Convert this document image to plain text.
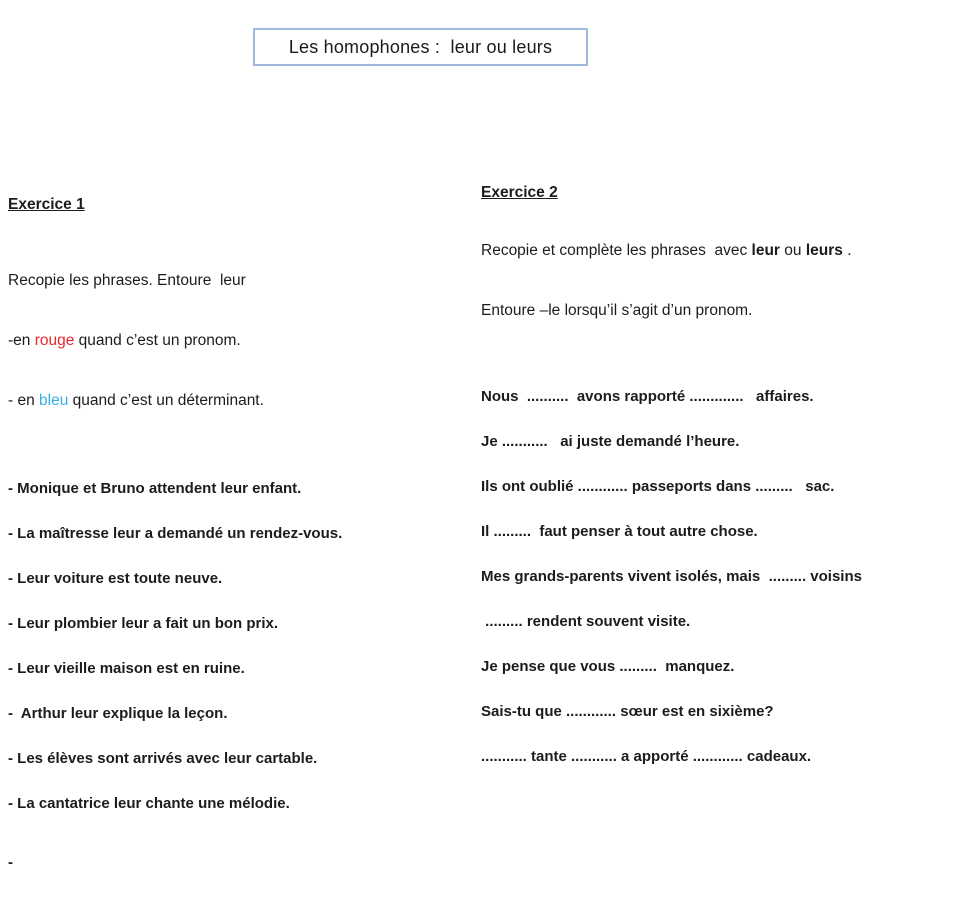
Les homophones :  leur ou leurs

Exercice 1

Recopie les phrases. Entoure  leur

-en rouge quand c’est un pronom.

- en bleu quand c’est un déterminant.

- Monique et Bruno attendent leur enfant.
- La maîtresse leur a demandé un rendez-vous.
- Leur voiture est toute neuve.
- Leur plombier leur a fait un bon prix.
- Leur vieille maison est en ruine.
-  Arthur leur explique la leçon.
- Les élèves sont arrivés avec leur cartable.
- La cantatrice leur chante une mélodie.

-

Exercice 2

Recopie et complète les phrases  avec leur ou leurs .

Entoure –le lorsqu’il s’agit d’un pronom.

Nous  ..........  avons rapporté .............   affaires.
Je ...........   ai juste demandé l’heure.
Ils ont oublié ............ passeports dans .........   sac.
Il .........  faut penser à tout autre chose.
Mes grands-parents vivent isolés, mais  ......... voisins
......... rendent souvent visite.
Je pense que vous .........  manquez.
Sais-tu que ............ sœur est en sixième?
........... tante ........... a apporté ............ cadeaux.
